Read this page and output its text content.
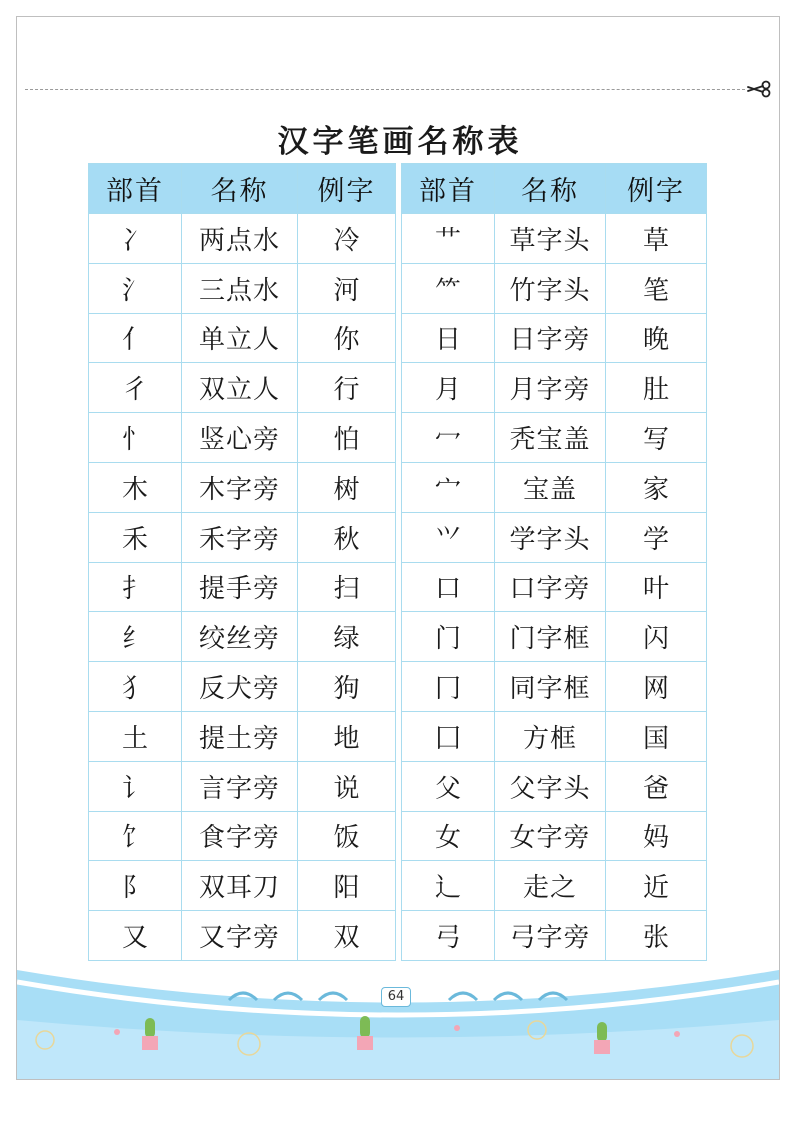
汉字笔画名称表
部首	名称	例字
冫	两点水	冷
氵	三点水	河
亻	单立人	你
彳	双立人	行
忄	竖心旁	怕
木	木字旁	树
禾	禾字旁	秋
扌	提手旁	扫
纟	绞丝旁	绿
犭	反犬旁	狗
土	提土旁	地
讠	言字旁	说
饣	食字旁	饭
阝	双耳刀	阳
又	又字旁	双
部首	名称	例字
艹	草字头	草
⺮	竹字头	笔
日	日字旁	晚
月	月字旁	肚
冖	秃宝盖	写
宀	宝盖	家
⺍	学字头	学
口	口字旁	叶
门	门字框	闪
冂	同字框	网
囗	方框	国
父	父字头	爸
女	女字旁	妈
辶	走之	近
弓	弓字旁	张
64
